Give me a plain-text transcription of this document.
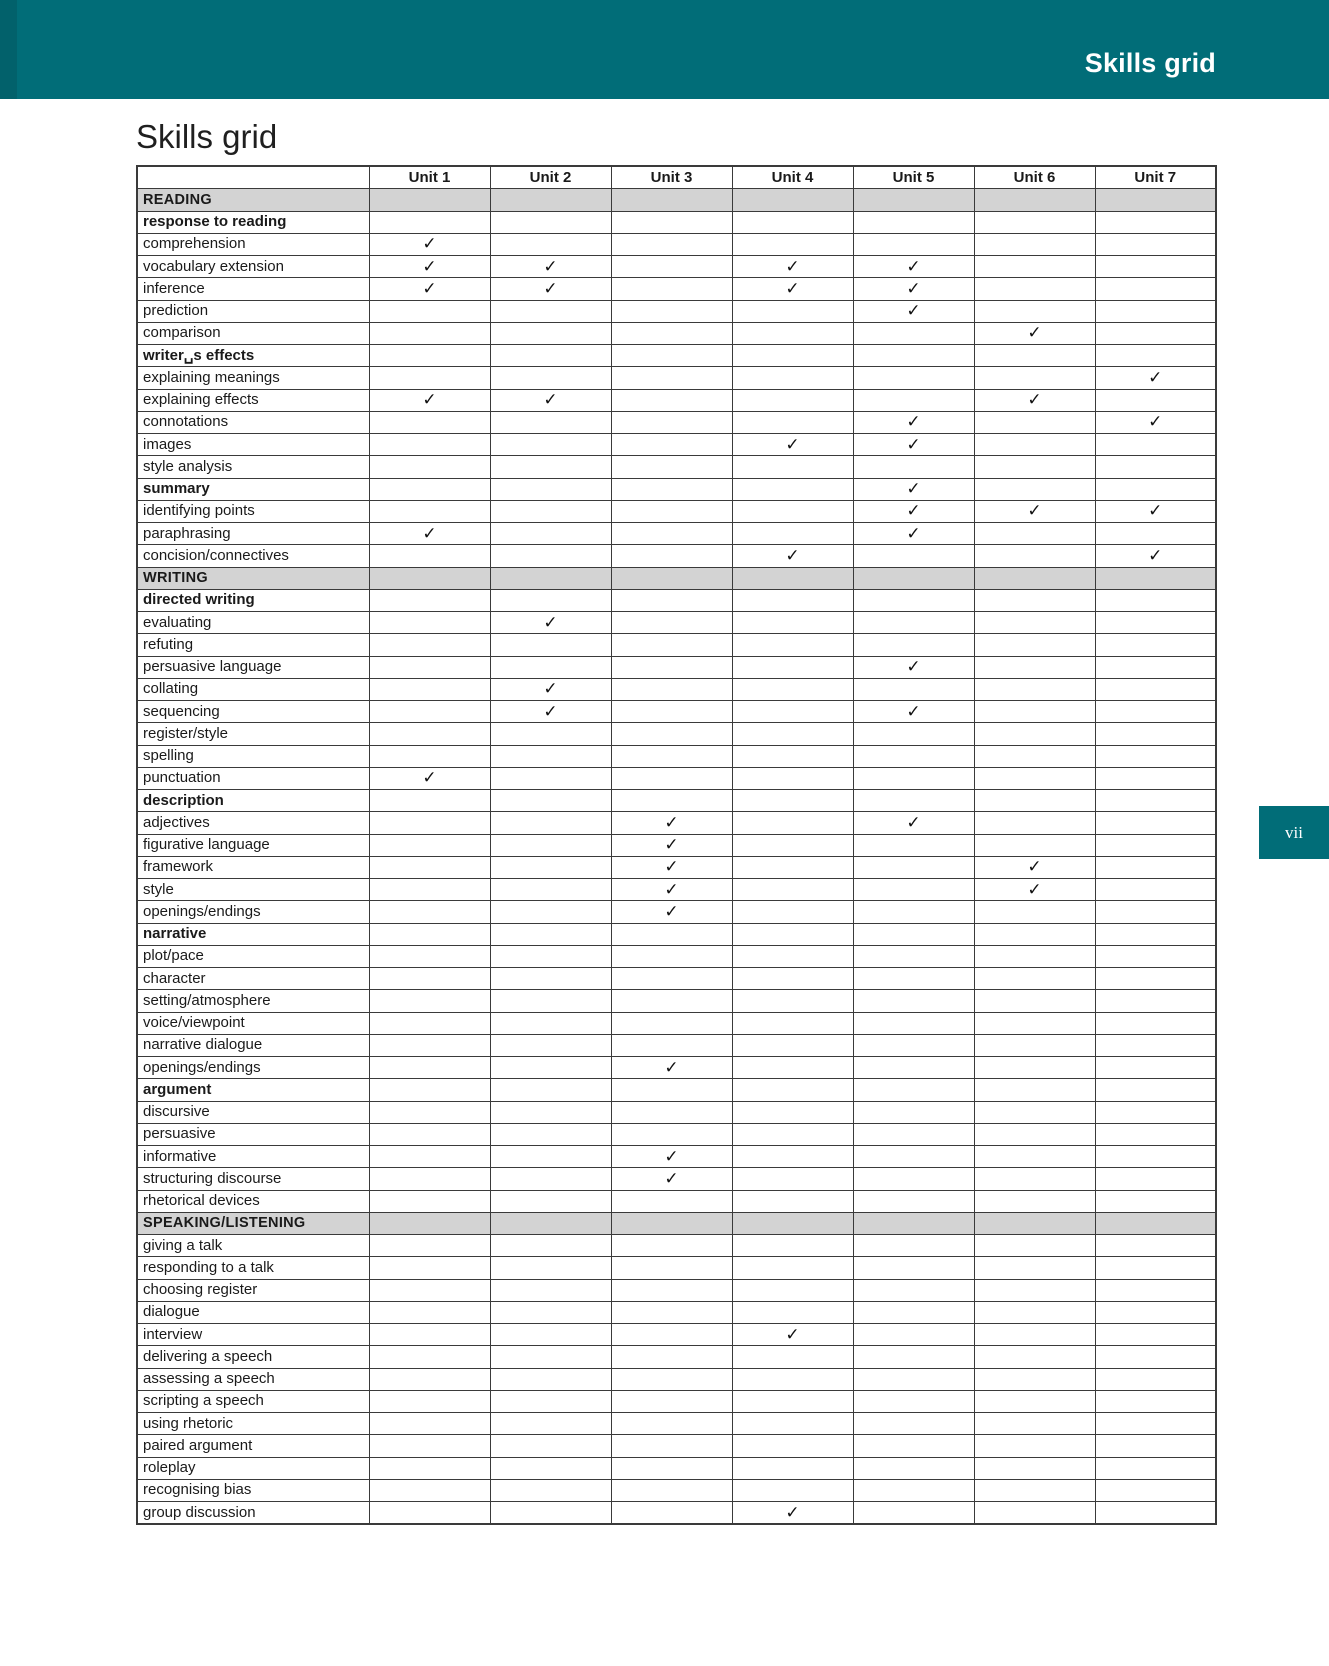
Skills grid
Skills grid
	Unit 1	Unit 2	Unit 3	Unit 4	Unit 5	Unit 6	Unit 7
READING							
response to reading							
comprehension	✓						
vocabulary extension	✓	✓		✓	✓		
inference	✓	✓		✓	✓		
prediction					✓		
comparison						✓	
writer␣s effects							
explaining meanings							✓
explaining effects	✓	✓				✓	
connotations					✓		✓
images				✓	✓		
style analysis							
summary					✓		
identifying points					✓	✓	✓
paraphrasing	✓				✓		
concision/connectives				✓			✓
WRITING							
directed writing							
evaluating		✓					
refuting							
persuasive language					✓		
collating		✓					
sequencing		✓			✓		
register/style							
spelling							
punctuation	✓						
description							
adjectives			✓		✓		
figurative language			✓				
framework			✓			✓	
style			✓			✓	
openings/endings			✓				
narrative							
plot/pace							
character							
setting/atmosphere							
voice/viewpoint							
narrative dialogue							
openings/endings			✓				
argument							
discursive							
persuasive							
informative			✓				
structuring discourse			✓				
rhetorical devices							
SPEAKING/LISTENING							
giving a talk							
responding to a talk							
choosing register							
dialogue							
interview				✓			
delivering a speech							
assessing a speech							
scripting a speech							
using rhetoric							
paired argument							
roleplay							
recognising bias							
group discussion				✓			
vii
